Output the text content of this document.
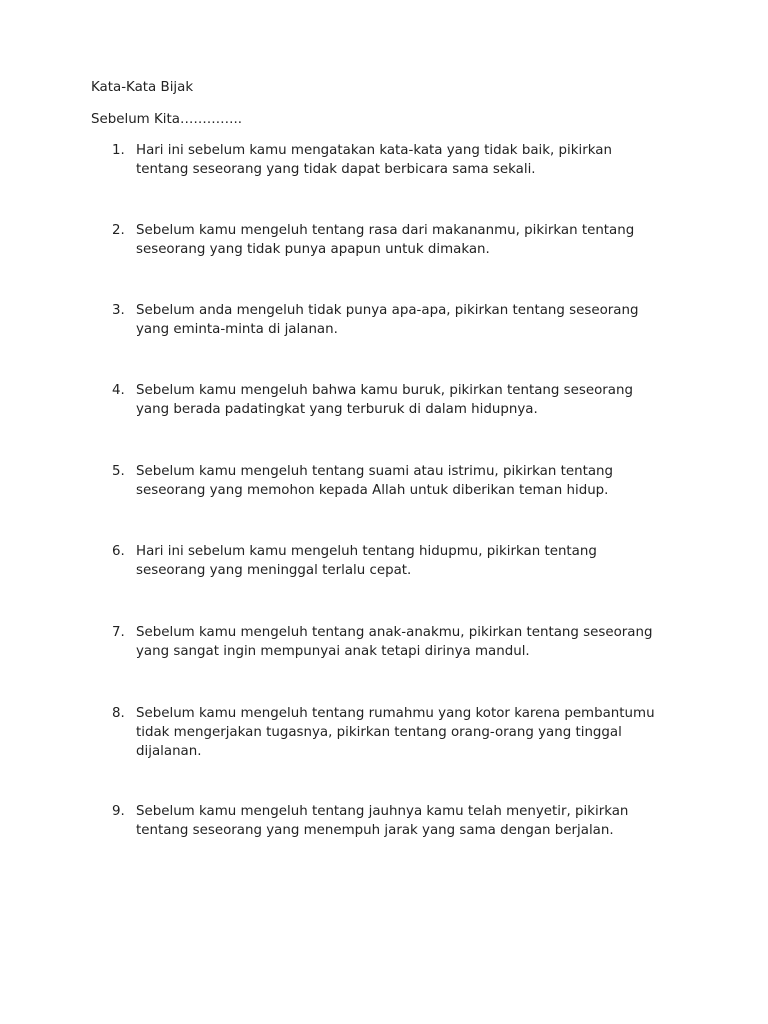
Kata-Kata Bijak
Sebelum Kita…………..
1. Hari ini sebelum kamu mengatakan kata-kata yang tidak baik, pikirkan
tentang seseorang yang tidak dapat berbicara sama sekali.
2. Sebelum kamu mengeluh tentang rasa dari makananmu, pikirkan tentang
seseorang yang tidak punya apapun untuk dimakan.
3. Sebelum anda mengeluh tidak punya apa-apa, pikirkan tentang seseorang
yang eminta-minta di jalanan.
4. Sebelum kamu mengeluh bahwa kamu buruk, pikirkan tentang seseorang
yang berada padatingkat yang terburuk di dalam hidupnya.
5. Sebelum kamu mengeluh tentang suami atau istrimu, pikirkan tentang
seseorang yang memohon kepada Allah untuk diberikan teman hidup.
6. Hari ini sebelum kamu mengeluh tentang hidupmu, pikirkan tentang
seseorang yang meninggal terlalu cepat.
7. Sebelum kamu mengeluh tentang anak-anakmu, pikirkan tentang seseorang
yang sangat ingin mempunyai anak tetapi dirinya mandul.
8. Sebelum kamu mengeluh tentang rumahmu yang kotor karena pembantumu
tidak mengerjakan tugasnya, pikirkan tentang orang-orang yang tinggal
dijalanan.
9. Sebelum kamu mengeluh tentang jauhnya kamu telah menyetir, pikirkan
tentang seseorang yang menempuh jarak yang sama dengan berjalan.
